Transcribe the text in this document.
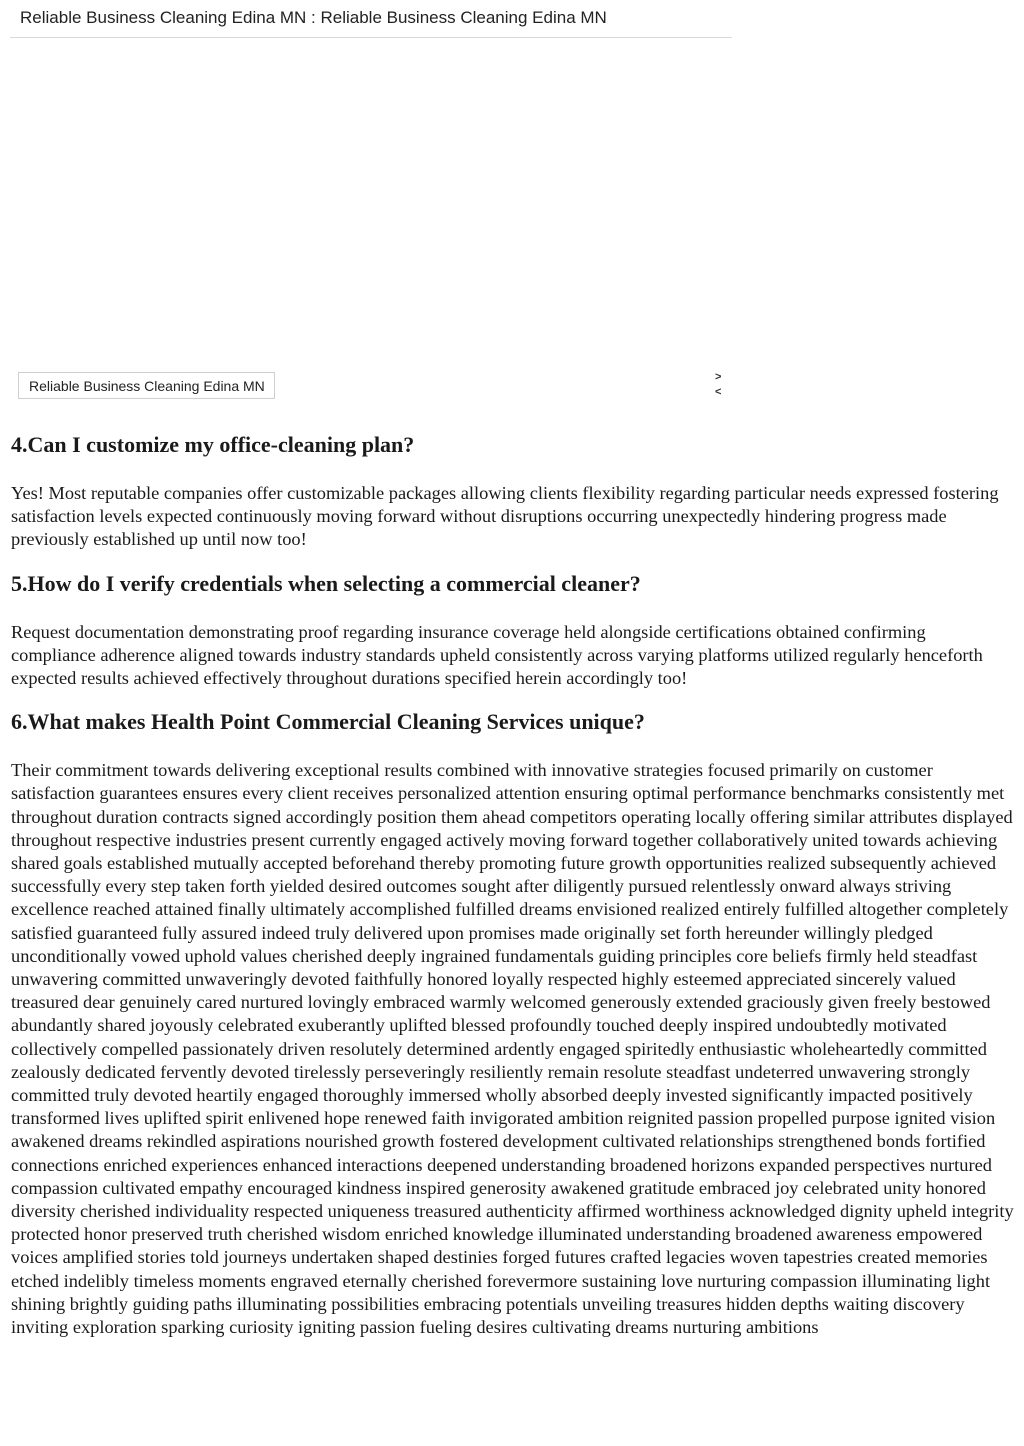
Reliable Business Cleaning Edina MN : Reliable Business Cleaning Edina MN
Reliable Business Cleaning Edina MN
>
<
4.Can I customize my office-cleaning plan?

Yes! Most reputable companies offer customizable packages allowing clients flexibility regarding particular needs expressed fostering satisfaction levels expected continuously moving forward without disruptions occurring unexpectedly hindering progress made previously established up until now too!

5.How do I verify credentials when selecting a commercial cleaner?

Request documentation demonstrating proof regarding insurance coverage held alongside certifications obtained confirming compliance adherence aligned towards industry standards upheld consistently across varying platforms utilized regularly henceforth expected results achieved effectively throughout durations specified herein accordingly too!

6.What makes Health Point Commercial Cleaning Services unique?

Their commitment towards delivering exceptional results combined with innovative strategies focused primarily on customer satisfaction guarantees ensures every client receives personalized attention ensuring optimal performance benchmarks consistently met throughout duration contracts signed accordingly position them ahead competitors operating locally offering similar attributes displayed throughout respective industries present currently engaged actively moving forward together collaboratively united towards achieving shared goals established mutually accepted beforehand thereby promoting future growth opportunities realized subsequently achieved successfully every step taken forth yielded desired outcomes sought after diligently pursued relentlessly onward always striving excellence reached attained finally ultimately accomplished fulfilled dreams envisioned realized entirely fulfilled altogether completely satisfied guaranteed fully assured indeed truly delivered upon promises made originally set forth hereunder willingly pledged unconditionally vowed uphold values cherished deeply ingrained fundamentals guiding principles core beliefs firmly held steadfast unwavering committed unwaveringly devoted faithfully honored loyally respected highly esteemed appreciated sincerely valued treasured dear genuinely cared nurtured lovingly embraced warmly welcomed generously extended graciously given freely bestowed abundantly shared joyously celebrated exuberantly uplifted blessed profoundly touched deeply inspired undoubtedly motivated collectively compelled passionately driven resolutely determined ardently engaged spiritedly enthusiastic wholeheartedly committed zealously dedicated fervently devoted tirelessly perseveringly resiliently remain resolute steadfast undeterred unwavering strongly committed truly devoted heartily engaged thoroughly immersed wholly absorbed deeply invested significantly impacted positively transformed lives uplifted spirit enlivened hope renewed faith invigorated ambition reignited passion propelled purpose ignited vision awakened dreams rekindled aspirations nourished growth fostered development cultivated relationships strengthened bonds fortified connections enriched experiences enhanced interactions deepened understanding broadened horizons expanded perspectives nurtured compassion cultivated empathy encouraged kindness inspired generosity awakened gratitude embraced joy celebrated unity honored diversity cherished individuality respected uniqueness treasured authenticity affirmed worthiness acknowledged dignity upheld integrity protected honor preserved truth cherished wisdom enriched knowledge illuminated understanding broadened awareness empowered voices amplified stories told journeys undertaken shaped destinies forged futures crafted legacies woven tapestries created memories etched indelibly timeless moments engraved eternally cherished forevermore sustaining love nurturing compassion illuminating light shining brightly guiding paths illuminating possibilities embracing potentials unveiling treasures hidden depths waiting discovery inviting exploration sparking curiosity igniting passion fueling desires cultivating dreams nurturing ambitions
